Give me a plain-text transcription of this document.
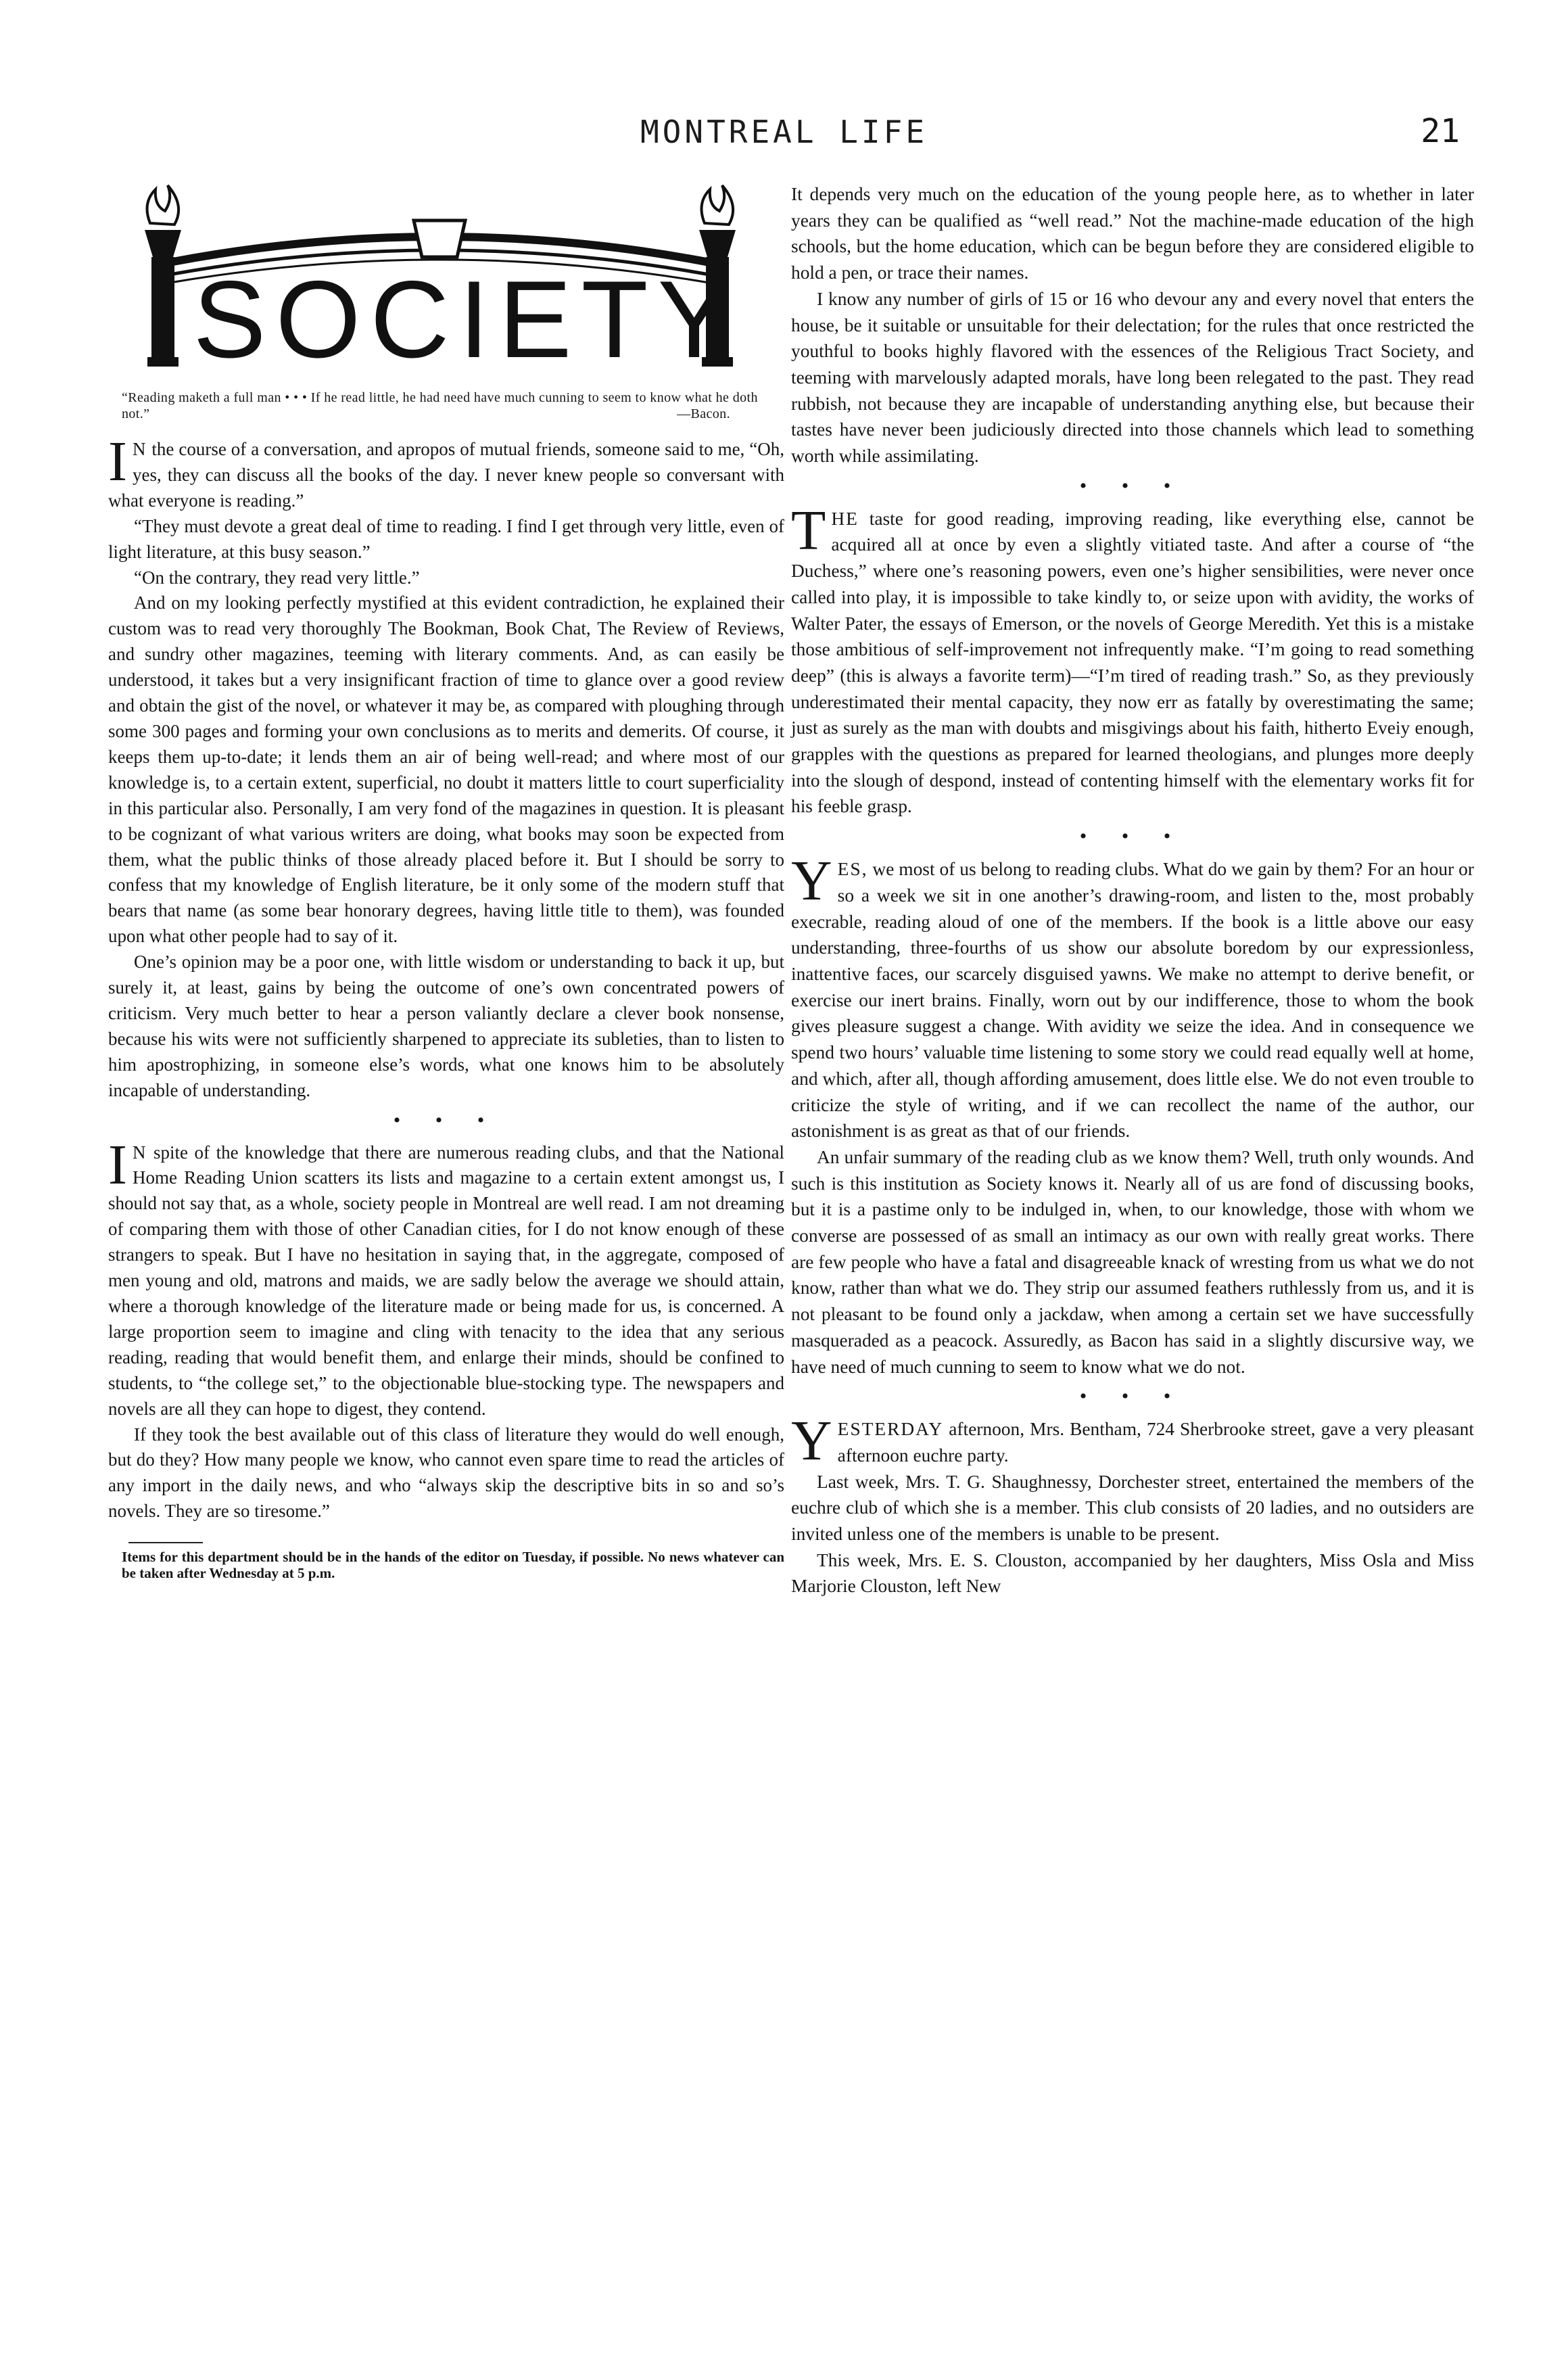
MONTREAL LIFE	21
SOCIETY
“Reading maketh a full man • • • If he read little, he had need have much cunning to seem to know what he doth not.”	—Bacon.

I N the course of a conversation, and apropos of mutual friends, someone said to me, “Oh, yes, they can discuss all the books of the day. I never knew people so conversant with what everyone is reading.”

“They must devote a great deal of time to reading. I find I get through very little, even of light literature, at this busy season.”

“On the contrary, they read very little.”

And on my looking perfectly mystified at this evident contradiction, he explained their custom was to read very thoroughly The Bookman, Book Chat, The Review of Reviews, and sundry other magazines, teeming with literary comments. And, as can easily be understood, it takes but a very insignificant fraction of time to glance over a good review and obtain the gist of the novel, or whatever it may be, as compared with ploughing through some 300 pages and forming your own conclusions as to merits and demerits. Of course, it keeps them up-to-date; it lends them an air of being well-read; and where most of our knowledge is, to a certain extent, superficial, no doubt it matters little to court superficiality in this particular also. Personally, I am very fond of the magazines in question. It is pleasant to be cognizant of what various writers are doing, what books may soon be expected from them, what the public thinks of those already placed before it. But I should be sorry to confess that my knowledge of English literature, be it only some of the modern stuff that bears that name (as some bear honorary degrees, having little title to them), was founded upon what other people had to say of it.

One’s opinion may be a poor one, with little wisdom or understanding to back it up, but surely it, at least, gains by being the outcome of one’s own concentrated powers of criticism. Very much better to hear a person valiantly declare a clever book nonsense, because his wits were not sufficiently sharpened to appreciate its subleties, than to listen to him apostrophizing, in someone else’s words, what one knows him to be absolutely incapable of understanding.

• • •

I N spite of the knowledge that there are numerous reading clubs, and that the National Home Reading Union scatters its lists and magazine to a certain extent amongst us, I should not say that, as a whole, society people in Montreal are well read. I am not dreaming of comparing them with those of other Canadian cities, for I do not know enough of these strangers to speak. But I have no hesitation in saying that, in the aggregate, composed of men young and old, matrons and maids, we are sadly below the average we should attain, where a thorough knowledge of the literature made or being made for us, is concerned. A large proportion seem to imagine and cling with tenacity to the idea that any serious reading, reading that would benefit them, and enlarge their minds, should be confined to students, to “the college set,” to the objectionable blue-stocking type. The newspapers and novels are all they can hope to digest, they contend.

If they took the best available out of this class of literature they would do well enough, but do they? How many people we know, who cannot even spare time to read the articles of any import in the daily news, and who “always skip the descriptive bits in so and so’s novels. They are so tiresome.”

Items for this department should be in the hands of the editor on Tuesday, if possible. No news whatever can be taken after Wednesday at 5 p.m.

It depends very much on the education of the young people here, as to whether in later years they can be qualified as “well read.” Not the machine-made education of the high schools, but the home education, which can be begun before they are considered eligible to hold a pen, or trace their names.

I know any number of girls of 15 or 16 who devour any and every novel that enters the house, be it suitable or unsuitable for their delectation; for the rules that once restricted the youthful to books highly flavored with the essences of the Religious Tract Society, and teeming with marvelously adapted morals, have long been relegated to the past. They read rubbish, not because they are incapable of understanding anything else, but because their tastes have never been judiciously directed into those channels which lead to something worth while assimilating.

• • •

THE taste for good reading, improving reading, like everything else, cannot be acquired all at once by even a slightly vitiated taste. And after a course of “the Duchess,” where one’s reasoning powers, even one’s higher sensibilities, were never once called into play, it is impossible to take kindly to, or seize upon with avidity, the works of Walter Pater, the essays of Emerson, or the novels of George Meredith. Yet this is a mistake those ambitious of self-improvement not infrequently make. “I’m going to read something deep” (this is always a favorite term)—“I’m tired of reading trash.” So, as they previously underestimated their mental capacity, they now err as fatally by overestimating the same; just as surely as the man with doubts and misgivings about his faith, hitherto Eveiy enough, grapples with the questions as prepared for learned theologians, and plunges more deeply into the slough of despond, instead of contenting himself with the elementary works fit for his feeble grasp.

• • •

YES, we most of us belong to reading clubs. What do we gain by them? For an hour or so a week we sit in one another’s drawing-room, and listen to the, most probably execrable, reading aloud of one of the members. If the book is a little above our easy understanding, three-fourths of us show our absolute boredom by our expressionless, inattentive faces, our scarcely disguised yawns. We make no attempt to derive benefit, or exercise our inert brains. Finally, worn out by our indifference, those to whom the book gives pleasure suggest a change. With avidity we seize the idea. And in consequence we spend two hours’ valuable time listening to some story we could read equally well at home, and which, after all, though affording amusement, does little else. We do not even trouble to criticize the style of writing, and if we can recollect the name of the author, our astonishment is as great as that of our friends.

An unfair summary of the reading club as we know them? Well, truth only wounds. And such is this institution as Society knows it. Nearly all of us are fond of discussing books, but it is a pastime only to be indulged in, when, to our knowledge, those with whom we converse are possessed of as small an intimacy as our own with really great works. There are few people who have a fatal and disagreeable knack of wresting from us what we do not know, rather than what we do. They strip our assumed feathers ruthlessly from us, and it is not pleasant to be found only a jackdaw, when among a certain set we have successfully masqueraded as a peacock. Assuredly, as Bacon has said in a slightly discursive way, we have need of much cunning to seem to know what we do not.

• • •

YESTERDAY afternoon, Mrs. Bentham, 724 Sherbrooke street, gave a very pleasant afternoon euchre party.

Last week, Mrs. T. G. Shaughnessy, Dorchester street, entertained the members of the euchre club of which she is a member. This club consists of 20 ladies, and no outsiders are invited unless one of the members is unable to be present.

This week, Mrs. E. S. Clouston, accompanied by her daughters, Miss Osla and Miss Marjorie Clouston, left New
